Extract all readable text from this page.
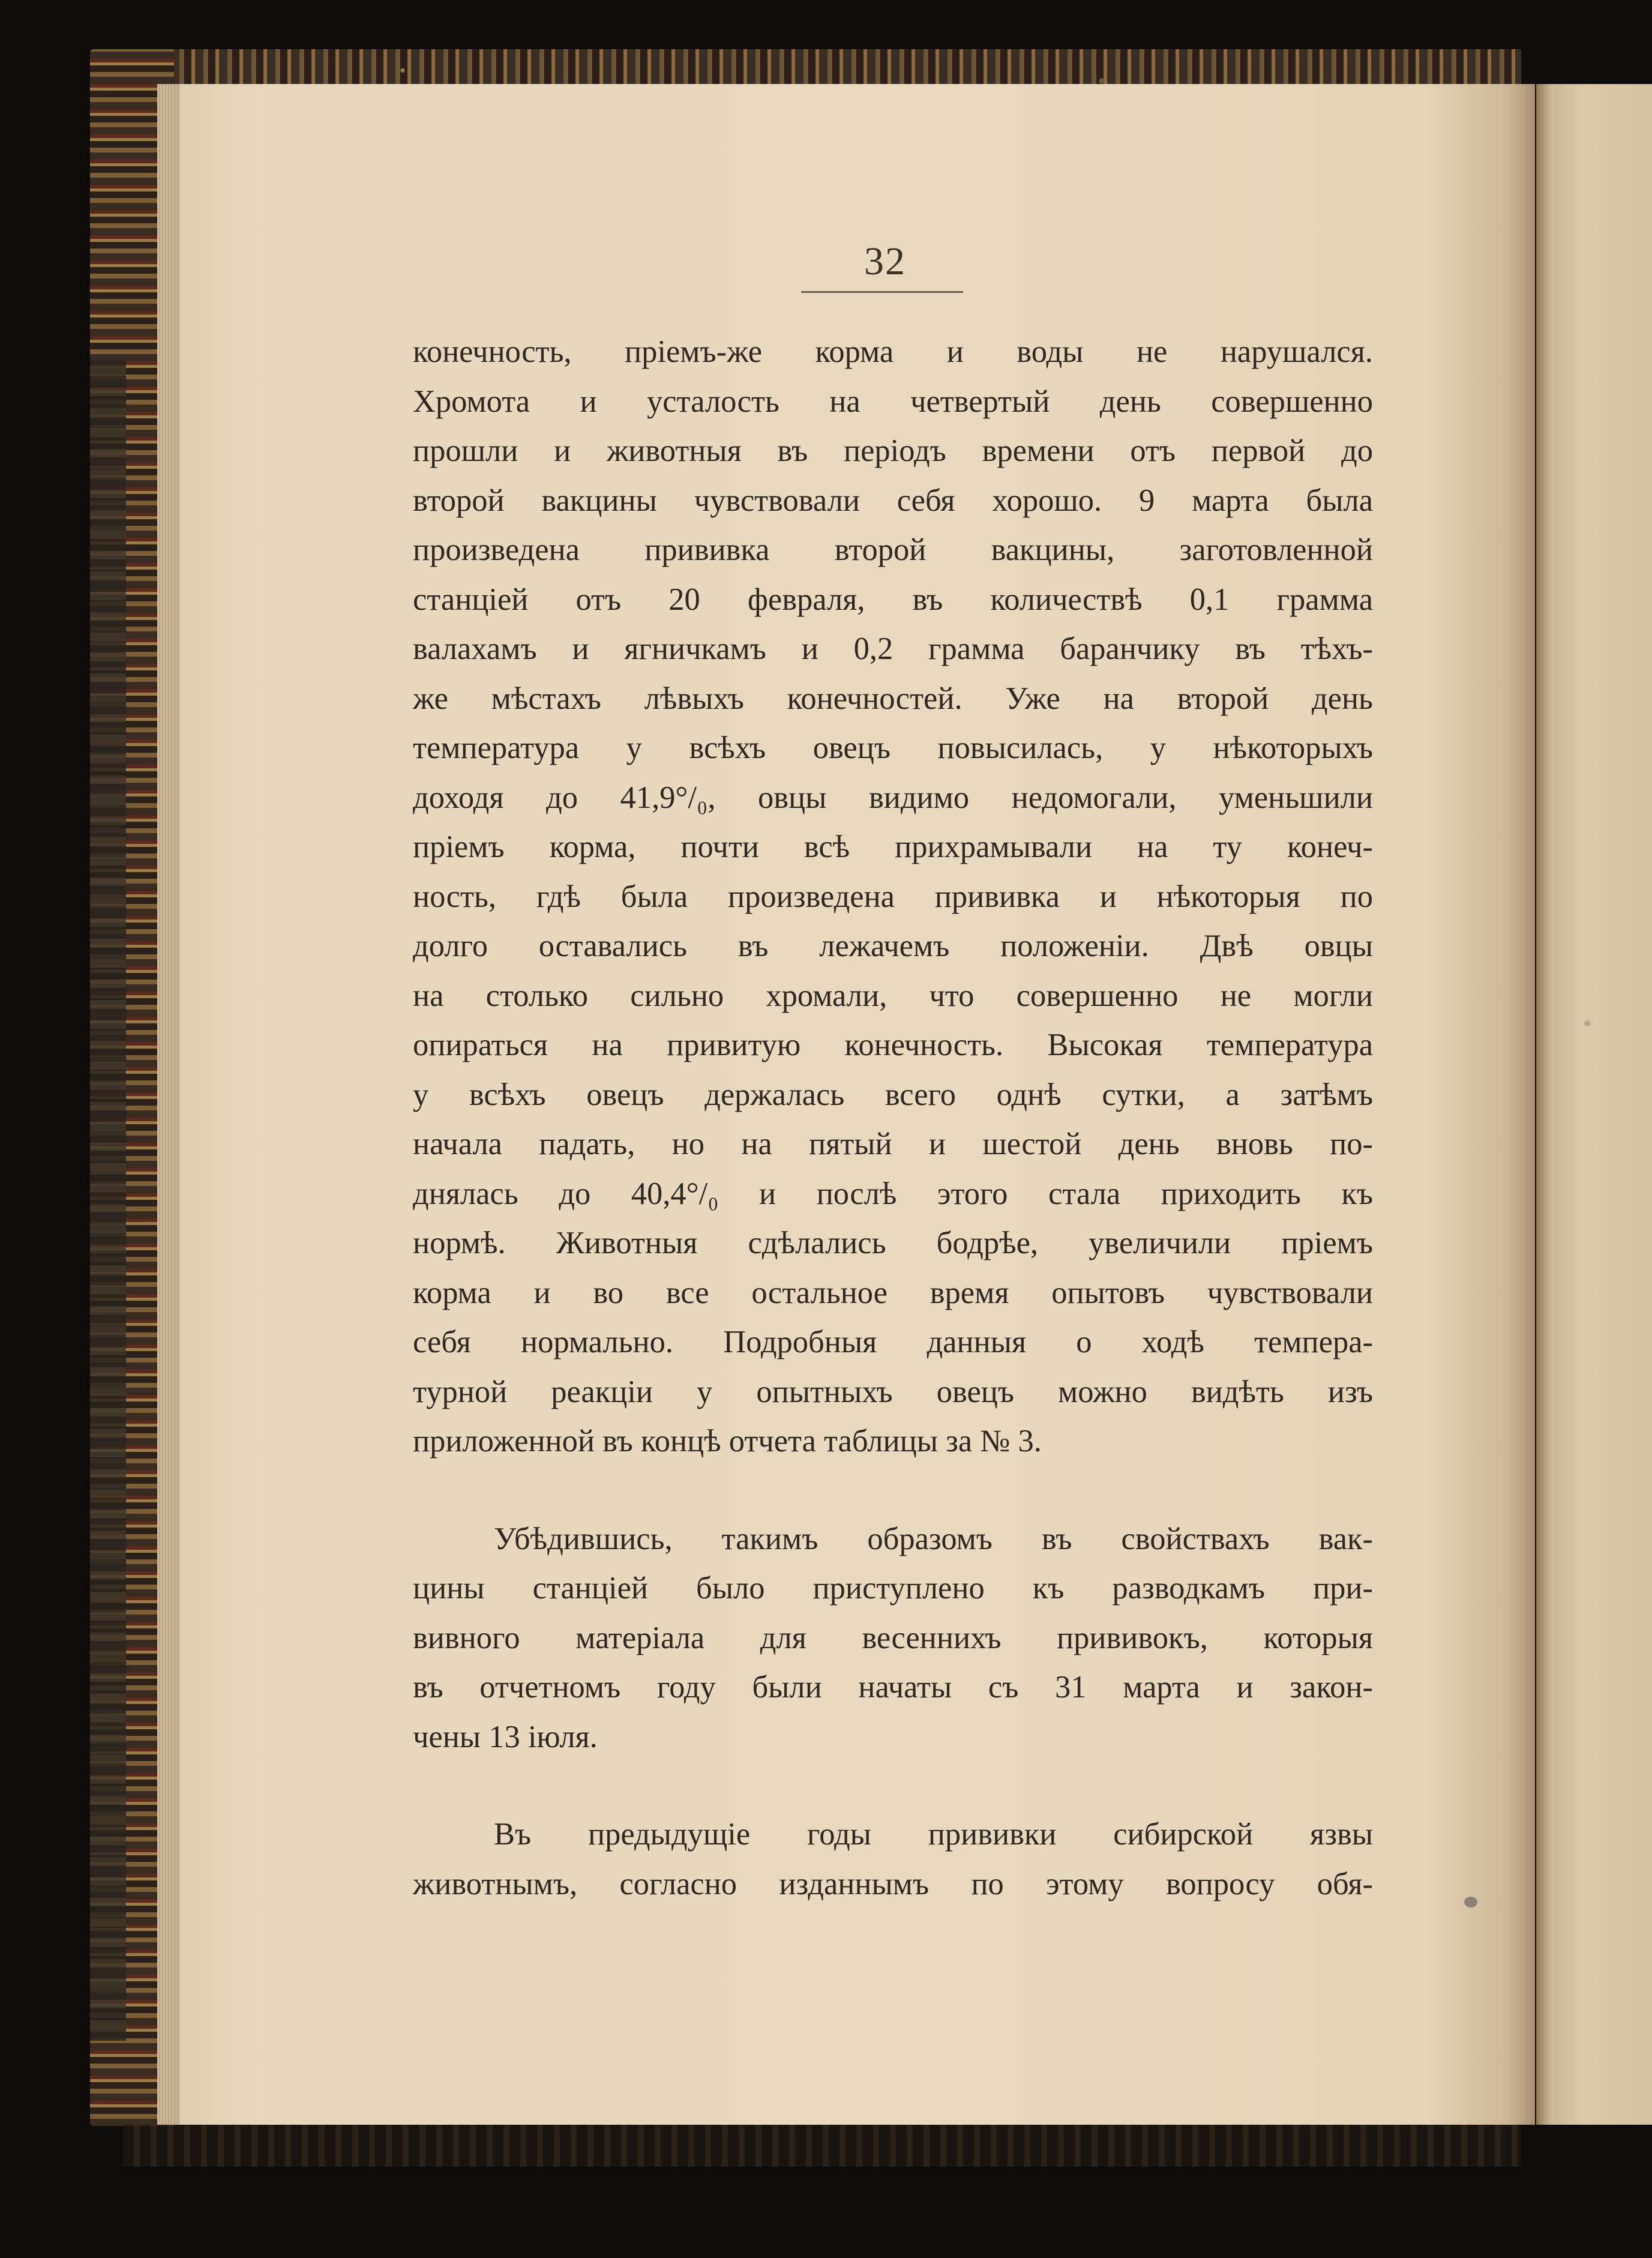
32
конечность, прiемъ-же корма и воды не нарушался.
Хромота и усталость на четвертый день совершенно
прошли и животныя въ перiодъ времени отъ первой до
второй вакцины чувствовали себя хорошо. 9 марта была
произведена прививка второй вакцины, заготовленной
станцiей отъ 20 февраля, въ количествѣ 0,1 грамма
валахамъ и ягничкамъ и 0,2 грамма баранчику въ тѣхъ-
же мѣстахъ лѣвыхъ конечностей. Уже на второй день
температура у всѣхъ овецъ повысилась, у нѣкоторыхъ
доходя до 41,9°/₀, овцы видимо недомогали, уменьшили
прiемъ корма, почти всѣ прихрамывали на ту конеч-
ность, гдѣ была произведена прививка и нѣкоторыя по
долго оставались въ лежачемъ положенiи. Двѣ овцы
на столько сильно хромали, что совершенно не могли
опираться на привитую конечность. Высокая температура
у всѣхъ овецъ держалась всего однѣ сутки, а затѣмъ
начала падать, но на пятый и шестой день вновь по-
днялась до 40,4°/₀ и послѣ этого стала приходить къ
нормѣ. Животныя сдѣлались бодрѣе, увеличили прiемъ
корма и во все остальное время опытовъ чувствовали
себя нормально. Подробныя данныя о ходѣ темпера-
турной реакцiи у опытныхъ овецъ можно видѣть изъ
приложенной въ концѣ отчета таблицы за № 3.
Убѣдившись, такимъ образомъ въ свойствахъ вак-
цины станцiей было приступлено къ разводкамъ при-
вивного матерiала для весеннихъ прививокъ, которыя
въ отчетномъ году были начаты съ 31 марта и закон-
чены 13 iюля.
Въ предыдущiе годы прививки сибирской язвы
животнымъ, согласно изданнымъ по этому вопросу обя-
